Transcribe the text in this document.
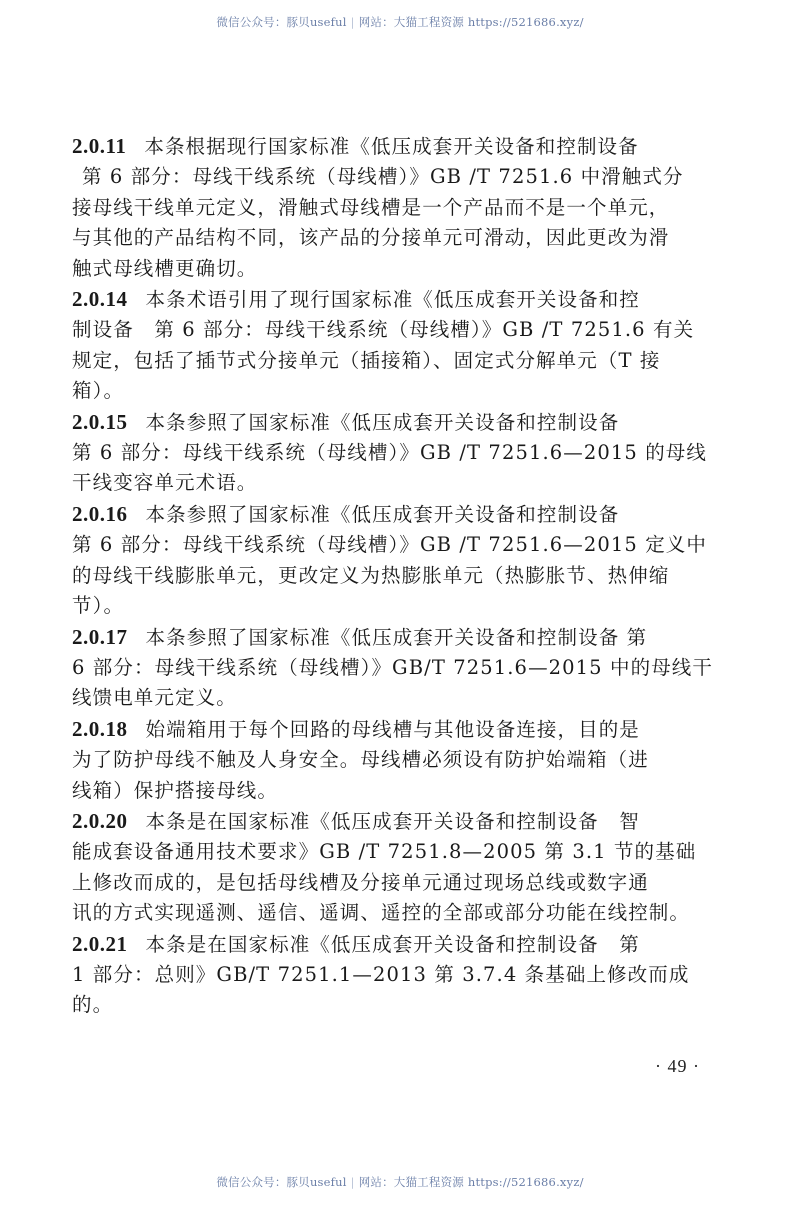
微信公众号：豚贝useful | 网站：大猫工程资源 https://521686.xyz/

2.0.11 本条根据现行国家标准《低压成套开关设备和控制设备
第 6 部分：母线干线系统（母线槽）》GB /T 7251.6 中滑触式分
接母线干线单元定义，滑触式母线槽是一个产品而不是一个单元，
与其他的产品结构不同，该产品的分接单元可滑动，因此更改为滑
触式母线槽更确切。

2.0.14 本条术语引用了现行国家标准《低压成套开关设备和控
制设备　第 6 部分：母线干线系统（母线槽）》GB /T 7251.6 有关
规定，包括了插节式分接单元（插接箱）、固定式分解单元（T 接
箱）。

2.0.15 本条参照了国家标准《低压成套开关设备和控制设备
第 6 部分：母线干线系统（母线槽）》GB /T 7251.6—2015 的母线
干线变容单元术语。

2.0.16 本条参照了国家标准《低压成套开关设备和控制设备
第 6 部分：母线干线系统（母线槽）》GB /T 7251.6—2015 定义中
的母线干线膨胀单元，更改定义为热膨胀单元（热膨胀节、热伸缩
节）。

2.0.17 本条参照了国家标准《低压成套开关设备和控制设备 第
6 部分：母线干线系统（母线槽）》GB/T 7251.6—2015 中的母线干
线馈电单元定义。

2.0.18 始端箱用于每个回路的母线槽与其他设备连接，目的是
为了防护母线不触及人身安全。母线槽必须设有防护始端箱（进
线箱）保护搭接母线。

2.0.20 本条是在国家标准《低压成套开关设备和控制设备　智
能成套设备通用技术要求》GB /T 7251.8—2005 第 3.1 节的基础
上修改而成的，是包括母线槽及分接单元通过现场总线或数字通
讯的方式实现遥测、遥信、遥调、遥控的全部或部分功能在线控制。

2.0.21 本条是在国家标准《低压成套开关设备和控制设备　第
1 部分：总则》GB/T 7251.1—2013 第 3.7.4 条基础上修改而成
的。

· 49 ·
微信公众号：豚贝useful | 网站：大猫工程资源 https://521686.xyz/
